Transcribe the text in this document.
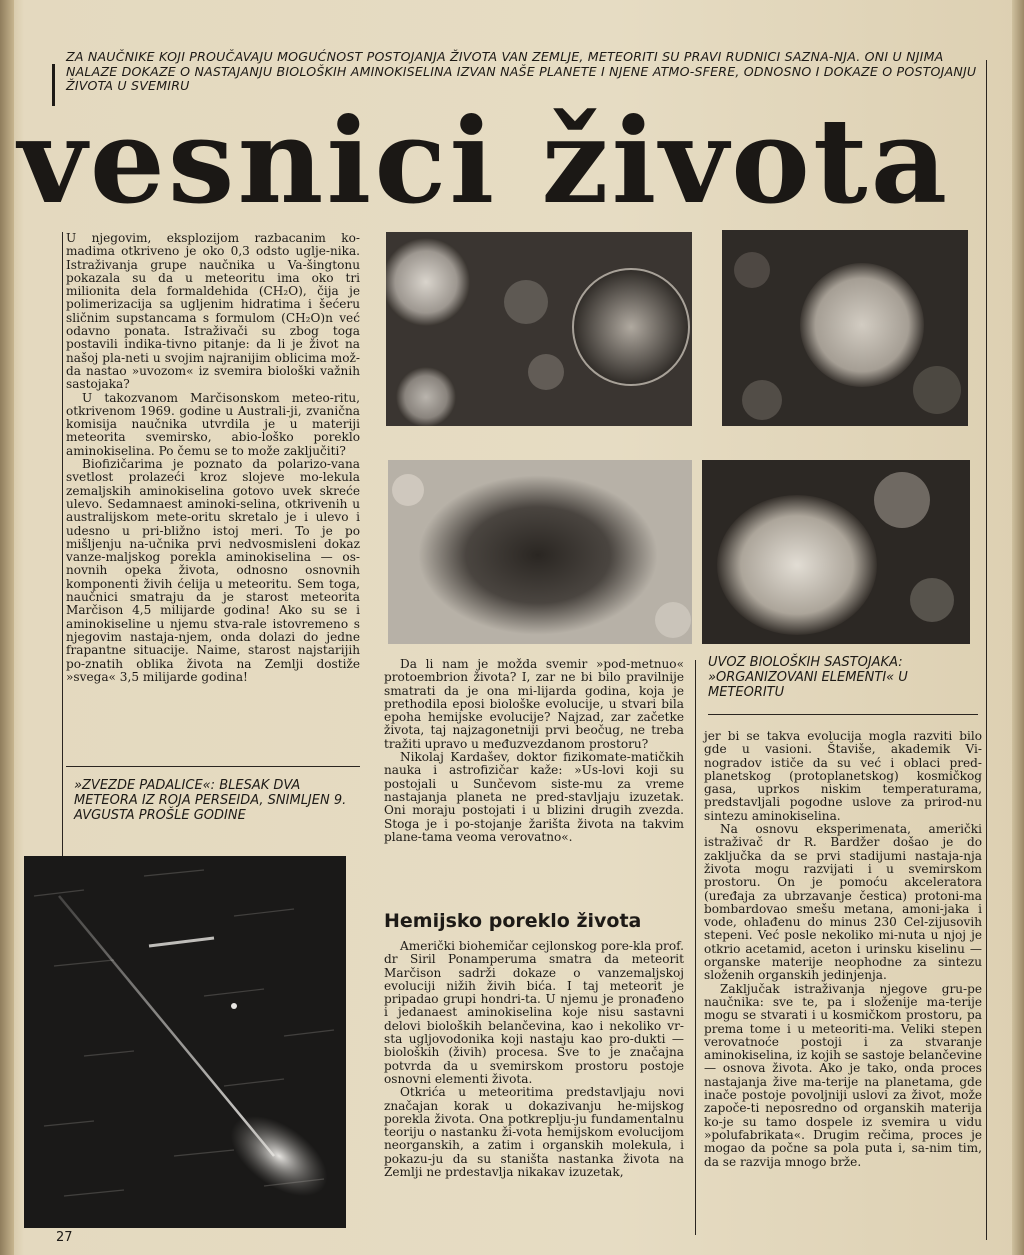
ZA NAUČNIKE KOJI PROUČAVAJU MOGUĆNOST POSTOJANJA ŽIVOTA VAN ZEMLJE, METEORITI SU PRAVI RUDNICI SAZNA-NJA. ONI U NJIMA NALAZE DOKAZE O NASTAJANJU BIOLOŠKIH AMINOKISELINA IZVAN NAŠE PLANETE I NJENE ATMO-SFERE, ODNOSNO I DOKAZE O POSTOJANJU ŽIVOTA U SVEMIRU
vesnici života

U njegovim, eksplozijom razbacanim ko-madima otkriveno je oko 0,3 odsto uglje-nika. Istraživanja grupe naučnika u Va-šingtonu pokazala su da u meteoritu ima oko tri milionita dela formaldehida (CH₂O), čija je polimerizacija sa ugljenim hidratima i šećeru sličnim supstancama s formulom (CH₂O)n već odavno ponata. Istraživači su zbog toga postavili indika-tivno pitanje: da li je život na našoj pla-neti u svojim najranijim oblicima mož-da nastao »uvozom« iz svemira biološki važnih sastojaka?

U takozvanom Marčisonskom meteo-ritu, otkrivenom 1969. godine u Australi-ji, zvanična komisija naučnika utvrdila je u materiji meteorita svemirsko, abio-loško poreklo aminokiselina. Po čemu se to može zaključiti?

Biofizičarima je poznato da polarizo-vana svetlost prolazeći kroz slojeve mo-lekula zemaljskih aminokiselina gotovo uvek skreće ulevo. Sedamnaest aminoki-selina, otkrivenih u australijskom mete-oritu skretalo je i ulevo i udesno u pri-bližno istoj meri. To je po mišljenju na-učnika prvi nedvosmisleni dokaz vanze-maljskog porekla aminokiselina — os-novnih opeka života, odnosno osnovnih komponenti živih ćelija u meteoritu. Sem toga, naučnici smatraju da je starost meteorita Marčison 4,5 milijarde godina! Ako su se i aminokiseline u njemu stva-rale istovremeno s njegovim nastaja-njem, onda dolazi do jedne frapantne situacije. Naime, starost najstarijih po-znatih oblika života na Zemlji dostiže »svega« 3,5 milijarde godina!

»ZVEZDE PADALICE«: BLESAK DVA METEORA IZ ROJA PERSEIDA, SNIMLJEN 9. AVGUSTA PROŠLE GODINE

Da li nam je možda svemir »pod-metnuo« protoembrion života? I, zar ne bi bilo pravilnije smatrati da je ona mi-lijarda godina, koja je prethodila eposi biološke evolucije, u stvari bila epoha hemijske evolucije? Najzad, zar začetke života, taj najzagonetniji prvi beočug, ne treba tražiti upravo u međuzvezdanom prostoru?

Nikolaj Kardašev, doktor fizikomate-matičkih nauka i astrofizičar kaže: »Us-lovi koji su postojali u Sunčevom siste-mu za vreme nastajanja planeta ne pred-stavljaju izuzetak. Oni moraju postojati i u blizini drugih zvezda. Stoga je i po-stojanje žarišta života na takvim plane-tama veoma verovatno«.

Hemijsko poreklo života

Američki biohemičar cejlonskog pore-kla prof. dr Siril Ponamperuma smatra da meteorit Marčison sadrži dokaze o vanzemaljskoj evoluciji nižih živih bića. I taj meteorit je pripadao grupi hondri-ta. U njemu je pronađeno i jedanaest aminokiselina koje nisu sastavni delovi bioloških belančevina, kao i nekoliko vr-sta ugljovodonika koji nastaju kao pro-dukti — bioloških (živih) procesa. Sve to je značajna potvrda da u svemirskom prostoru postoje osnovni elementi života.

Otkrića u meteoritima predstavljaju novi značajan korak u dokazivanju he-mijskog porekla života. Ona potkreplju-ju fundamentalnu teoriju o nastanku ži-vota hemijskom evolucijom neorganskih, a zatim i organskih molekula, i pokazu-ju da su staništa nastanka života na Zemlji ne prdestavlja nikakav izuzetak,

UVOZ BIOLOŠKIH SASTOJAKA: »ORGANIZOVANI ELEMENTI« U METEORITU

jer bi se takva evolucija mogla razviti bilo gde u vasioni. Štaviše, akademik Vi-nogradov ističe da su već i oblaci pred-planetskog (protoplanetskog) kosmičkog gasa, uprkos niskim temperaturama, predstavljali pogodne uslove za prirod-nu sintezu aminokiselina.

Na osnovu eksperimenata, američki istraživač dr R. Bardžer došao je do zaključka da se prvi stadijumi nastaja-nja života mogu razvijati i u svemirskom prostoru. On je pomoću akceleratora (uređaja za ubrzavanje čestica) protoni-ma bombardovao smešu metana, amoni-jaka i vode, ohlađenu do minus 230 Cel-zijusovih stepeni. Već posle nekoliko mi-nuta u njoj je otkrio acetamid, aceton i urinsku kiselinu — organske materije neophodne za sintezu složenih organskih jedinjenja.

Zaključak istraživanja njegove gru-pe naučnika: sve te, pa i složenije ma-terije mogu se stvarati i u kosmičkom prostoru, pa prema tome i u meteoriti-ma. Veliki stepen verovatnoće postoji i za stvaranje aminokiselina, iz kojih se sastoje belančevine — osnova života. Ako je tako, onda proces nastajanja žive ma-terije na planetama, gde inače postoje povoljniji uslovi za život, može započe-ti neposredno od organskih materija ko-je su tamo dospele iz svemira u vidu »polufabrikata«. Drugim rečima, proces je mogao da počne sa pola puta i, sa-nim tim, da se razvija mnogo brže.

27
